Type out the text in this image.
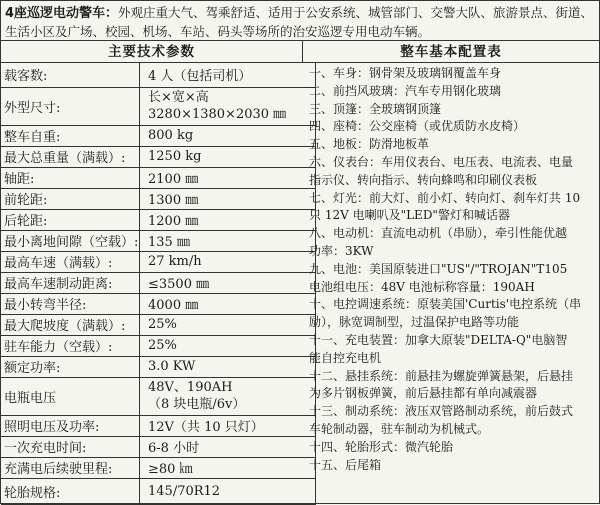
4座巡逻电动警车：外观庄重大气、驾乘舒适、适用于公安系统、城管部门、交警大队、旅游景点、街道、生活小区及广场、校园、机场、车站、码头等场所的治安巡逻专用电动车辆。
主要技术参数	整车基本配置表
载客数:	4 人（包括司机）
外型尺寸:	长×宽×高
3280×1380×2030 ㎜

整车自重:	800 kg
最大总重量（满载）:	1250 kg
轴距:	2100 ㎜
前轮距:	1300 ㎜
后轮距:	1200 ㎜
最小离地间隙（空载）:	135 ㎜
最高车速（满载）:	27 km/h
最高车速制动距离:	≤3500 ㎜
最小转弯半径:	4000 ㎜
最大爬坡度（满载）:	25%
驻车能力（空载）:	25%
额定功率:	3.0 KW
电瓶电压	48V、190AH
（8 块电瓶/6v）

照明电压及功率:	12V（共 10 只灯）
一次充电时间:	6-8 小时
充满电后续驶里程:	≥80 ㎞
轮胎规格:	145/70R12
一、车身：钢骨架及玻璃钢覆盖车身
二、前挡风玻璃：汽车专用钢化玻璃
三、顶篷：全玻璃钢顶篷
四、座椅：公交座椅（或优质防水皮椅）
五、地板：防滑地板革
六、仪表台：车用仪表台、电压表、电流表、电量
指示仪、转向指示、转向蜂鸣和印刷仪表板
七、灯光：前大灯、前小灯、转向灯、刹车灯共 10
只 12V 电喇叭及"LED"警灯和喊话器
八、电动机：直流电动机（串励），牵引性能优越
功率：3KW
九、电池：美国原装进口"US"/"TROJAN"T105
电池组电压：48V 电池标称容量：190AH
十、电控调速系统：原装美国'Curtis'电控系统（串
励），脉宽调制型，过温保护电路等功能
十一、充电装置：加拿大原装"DELTA-Q"电脑智
能自控充电机
十二、悬挂系统：前悬挂为螺旋弹簧悬架，后悬挂
为多片钢板弹簧，前后悬挂都有单向减震器
十三、制动系统：液压双管路制动系统，前后鼓式
车轮制动器，驻车制动为机械式。
十四、轮胎形式：微汽轮胎
十五、后尾箱
